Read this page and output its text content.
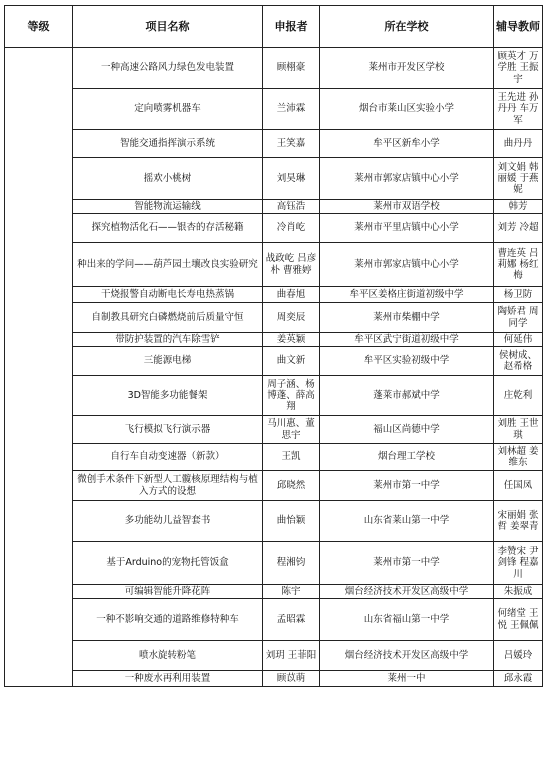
等级	项目名称	申报者	所在学校	辅导教师
	一种高速公路风力绿色发电装置	顾栩豪	莱州市开发区学校	顾英才 万学胜 王振宇
	定向喷雾机器车	兰沛霖	烟台市莱山区实验小学	王先进 孙丹丹 车万军
	智能交通指挥演示系统	王笑嘉	牟平区新牟小学	曲丹丹
	摇欢小桃树	刘昊琳	莱州市郭家店镇中心小学	刘文娟 韩丽媛 于燕妮
	智能物流运输线	高钰浩	莱州市双语学校	韩芳
	探究植物活化石——银杏的存活秘籍	冷肖屹	莱州市平里店镇中心小学	刘芳 冷超
	种出来的学问——葫芦园土壤改良实验研究	战政屹 吕彦朴 曹雅婷	莱州市郭家店镇中心小学	曹连英 吕莉娜 杨红梅
	干烧报警自动断电长寿电热蒸锅	曲春旭	牟平区姜格庄街道初级中学	杨卫防
	自制教具研究白磷燃烧前后质量守恒	周奕辰	莱州市柴棚中学	陶娇君 周同学
	带防护装置的汽车除雪铲	姜英颖	牟平区武宁街道初级中学	何延伟
	三能源电梯	曲文新	牟平区实验初级中学	侯树成、赵希格
	3D智能多功能餐架	周子涵、杨博蓬、薛高翔	蓬莱市郝斌中学	庄乾利
	飞行模拟飞行演示器	马川惠、董思宇	福山区尚德中学	刘胜 王世琪
	自行车自动变速器（新款）	王凯	烟台理工学校	刘林超 姜维东
	微创手术条件下新型人工髋核原理结构与植入方式的设想	邱晓然	莱州市第一中学	任国凤
	多功能幼儿益智套书	曲怡颖	山东省莱山第一中学	宋丽娟 张哲 姜翠青
	基于Arduino的宠物托管饭盒	程湘钧	莱州市第一中学	李赞宋 尹剑锋 程嘉川
	可编辑智能升降花阵	陈宇	烟台经济技术开发区高级中学	朱振成
	一种不影响交通的道路维修特种车	孟昭霖	山东省福山第一中学	何绪堂 王悦 王佩佩
	喷水旋转粉笔	刘玥 王菲阳	烟台经济技术开发区高级中学	吕媛玲
	一种废水再利用装置	顾苡萌	莱州一中	邱永霞
